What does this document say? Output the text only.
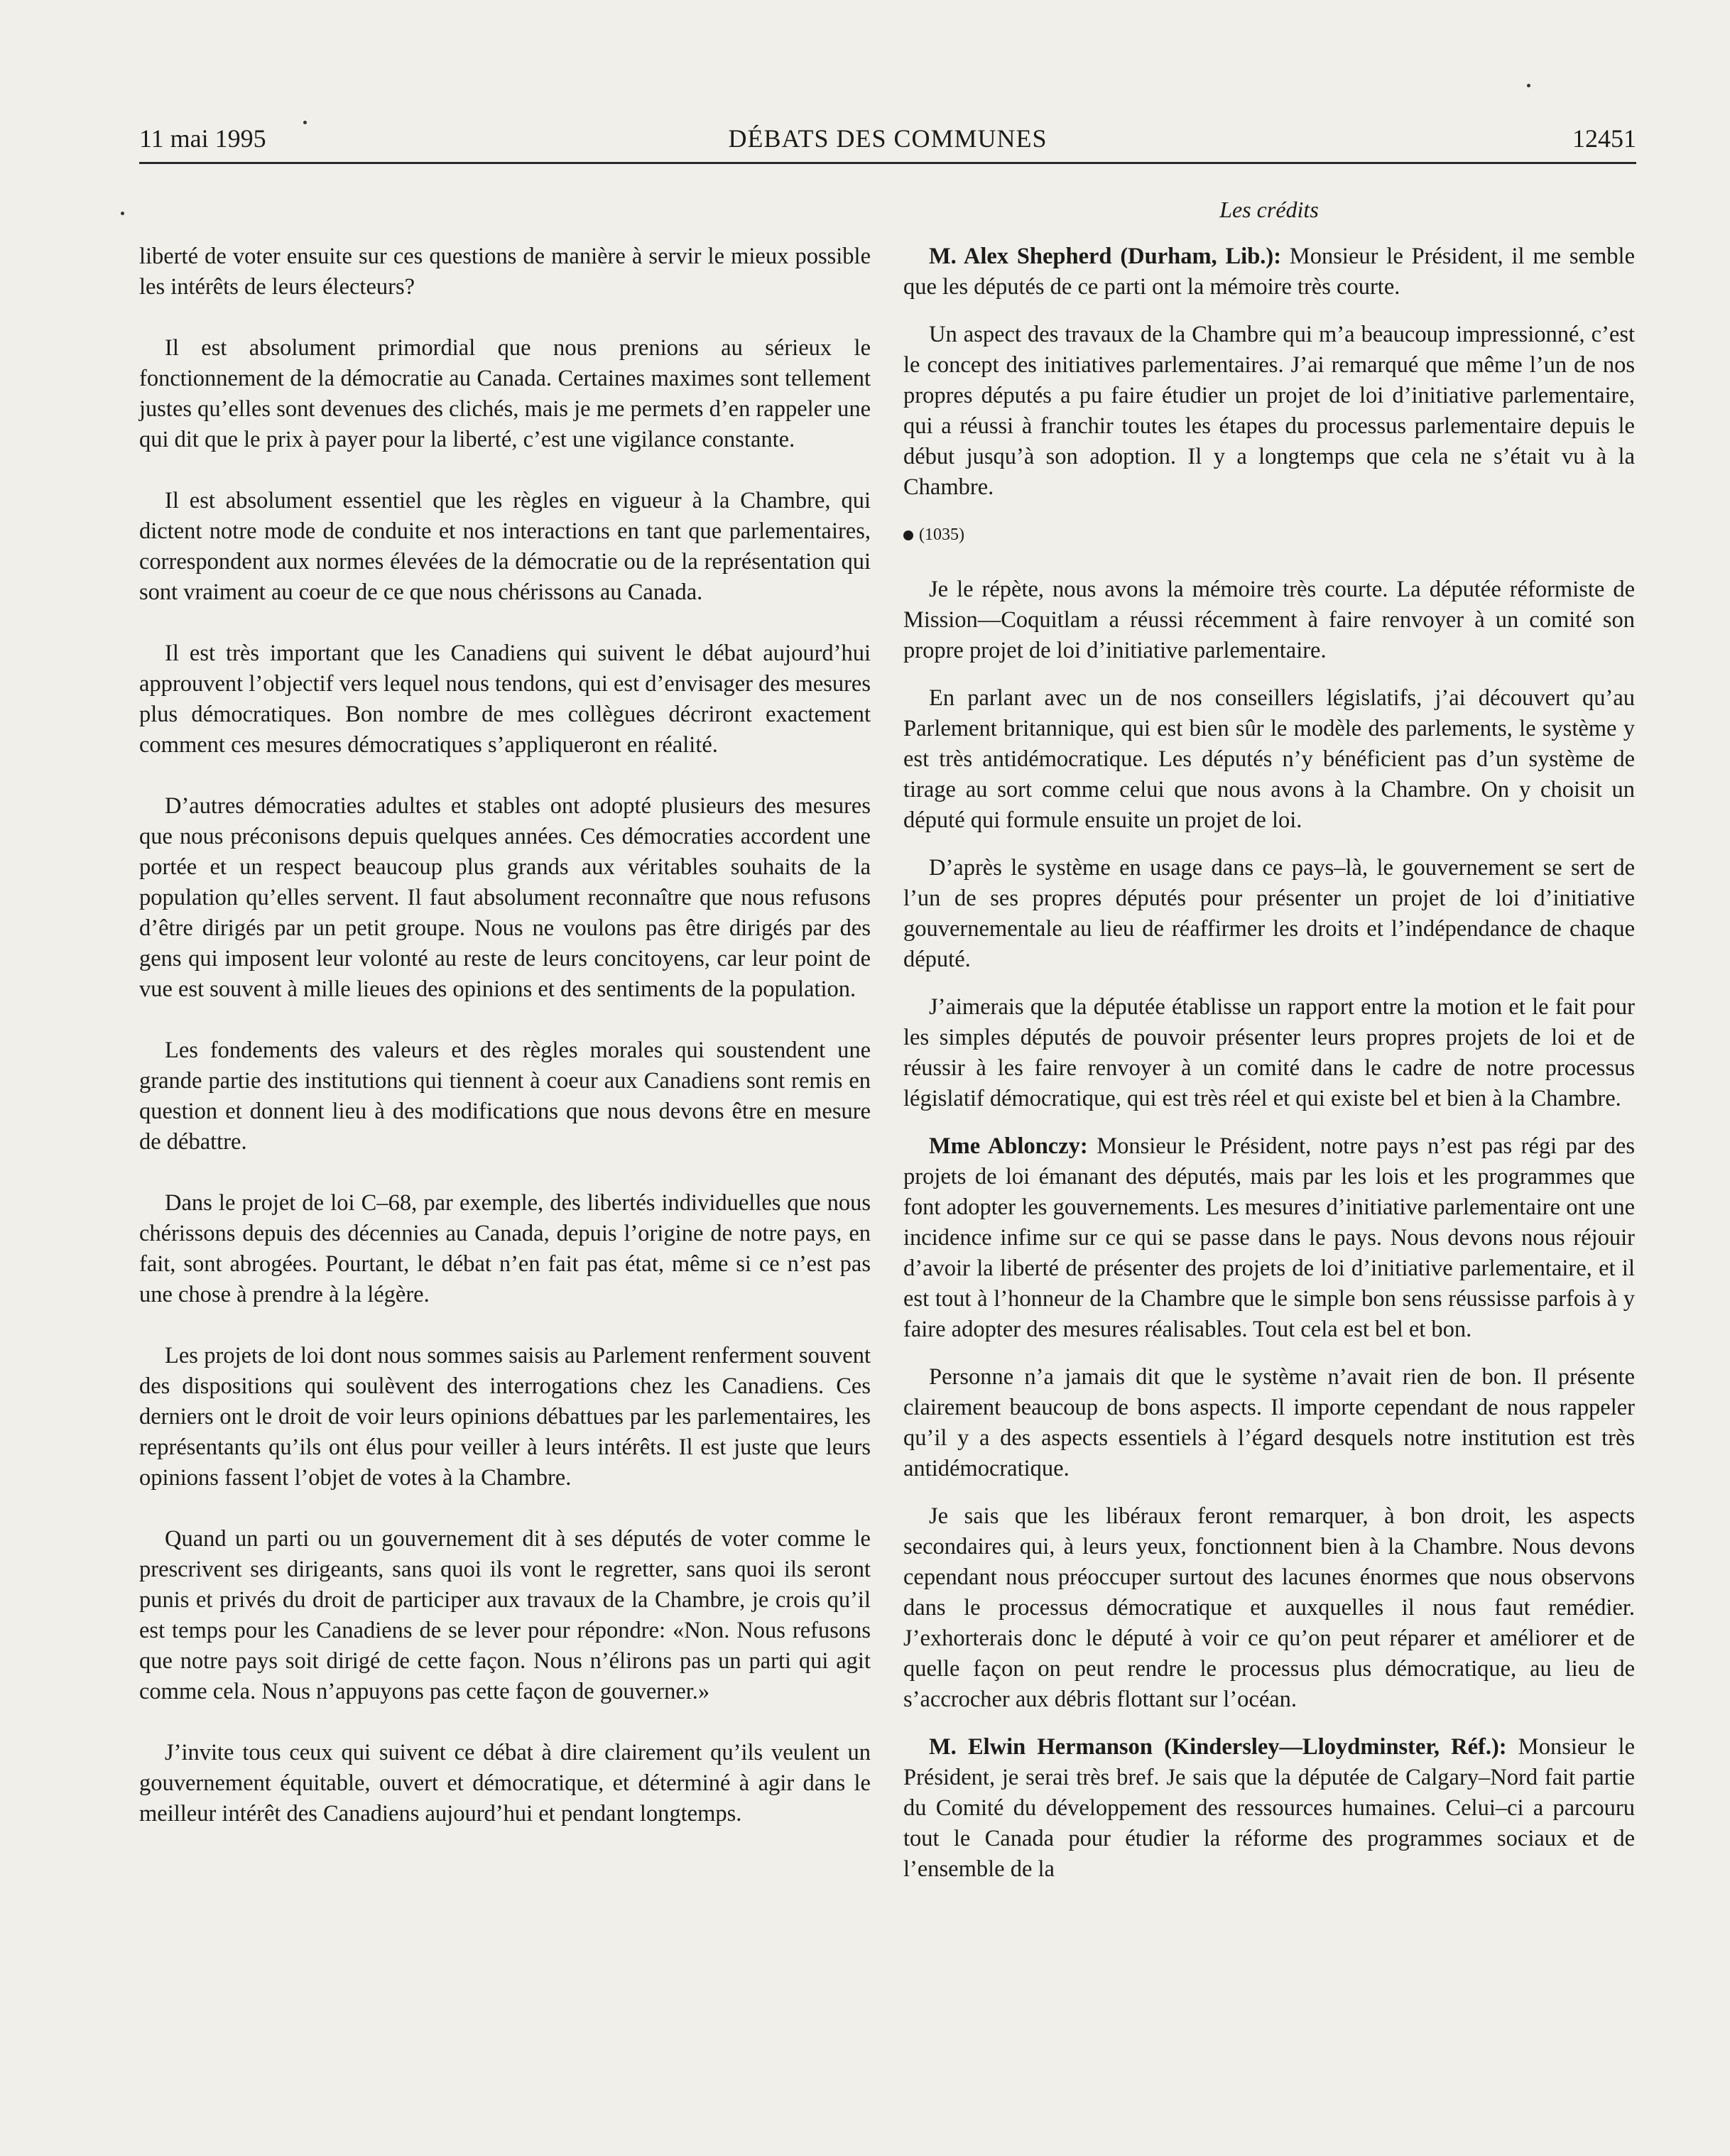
11 mai 1995	DÉBATS DES COMMUNES	12451
Les crédits

liberté de voter ensuite sur ces questions de manière à servir le mieux possible les intérêts de leurs électeurs?

Il est absolument primordial que nous prenions au sérieux le fonctionnement de la démocratie au Canada. Certaines maximes sont tellement justes qu’elles sont devenues des clichés, mais je me permets d’en rappeler une qui dit que le prix à payer pour la liberté, c’est une vigilance constante.

Il est absolument essentiel que les règles en vigueur à la Chambre, qui dictent notre mode de conduite et nos interactions en tant que parlementaires, correspondent aux normes élevées de la démocratie ou de la représentation qui sont vraiment au coeur de ce que nous chérissons au Canada.

Il est très important que les Canadiens qui suivent le débat aujourd’hui approuvent l’objectif vers lequel nous tendons, qui est d’envisager des mesures plus démocratiques. Bon nombre de mes collègues décriront exactement comment ces mesures démocratiques s’appliqueront en réalité.

D’autres démocraties adultes et stables ont adopté plusieurs des mesures que nous préconisons depuis quelques années. Ces démocraties accordent une portée et un respect beaucoup plus grands aux véritables souhaits de la population qu’elles servent. Il faut absolument reconnaître que nous refusons d’être dirigés par un petit groupe. Nous ne voulons pas être dirigés par des gens qui imposent leur volonté au reste de leurs concitoyens, car leur point de vue est souvent à mille lieues des opinions et des sentiments de la population.

Les fondements des valeurs et des règles morales qui soustendent une grande partie des institutions qui tiennent à coeur aux Canadiens sont remis en question et donnent lieu à des modifications que nous devons être en mesure de débattre.

Dans le projet de loi C–68, par exemple, des libertés individuelles que nous chérissons depuis des décennies au Canada, depuis l’origine de notre pays, en fait, sont abrogées. Pourtant, le débat n’en fait pas état, même si ce n’est pas une chose à prendre à la légère.

Les projets de loi dont nous sommes saisis au Parlement renferment souvent des dispositions qui soulèvent des interrogations chez les Canadiens. Ces derniers ont le droit de voir leurs opinions débattues par les parlementaires, les représentants qu’ils ont élus pour veiller à leurs intérêts. Il est juste que leurs opinions fassent l’objet de votes à la Chambre.

Quand un parti ou un gouvernement dit à ses députés de voter comme le prescrivent ses dirigeants, sans quoi ils vont le regretter, sans quoi ils seront punis et privés du droit de participer aux travaux de la Chambre, je crois qu’il est temps pour les Canadiens de se lever pour répondre: «Non. Nous refusons que notre pays soit dirigé de cette façon. Nous n’élirons pas un parti qui agit comme cela. Nous n’appuyons pas cette façon de gouverner.»

J’invite tous ceux qui suivent ce débat à dire clairement qu’ils veulent un gouvernement équitable, ouvert et démocratique, et déterminé à agir dans le meilleur intérêt des Canadiens aujourd’hui et pendant longtemps.

M. Alex Shepherd (Durham, Lib.): Monsieur le Président, il me semble que les députés de ce parti ont la mémoire très courte.

Un aspect des travaux de la Chambre qui m’a beaucoup impressionné, c’est le concept des initiatives parlementaires. J’ai remarqué que même l’un de nos propres députés a pu faire étudier un projet de loi d’initiative parlementaire, qui a réussi à franchir toutes les étapes du processus parlementaire depuis le début jusqu’à son adoption. Il y a longtemps que cela ne s’était vu à la Chambre.

(1035)

Je le répète, nous avons la mémoire très courte. La députée réformiste de Mission—Coquitlam a réussi récemment à faire renvoyer à un comité son propre projet de loi d’initiative parlementaire.

En parlant avec un de nos conseillers législatifs, j’ai découvert qu’au Parlement britannique, qui est bien sûr le modèle des parlements, le système y est très antidémocratique. Les députés n’y bénéficient pas d’un système de tirage au sort comme celui que nous avons à la Chambre. On y choisit un député qui formule ensuite un projet de loi.

D’après le système en usage dans ce pays–là, le gouvernement se sert de l’un de ses propres députés pour présenter un projet de loi d’initiative gouvernementale au lieu de réaffirmer les droits et l’indépendance de chaque député.

J’aimerais que la députée établisse un rapport entre la motion et le fait pour les simples députés de pouvoir présenter leurs propres projets de loi et de réussir à les faire renvoyer à un comité dans le cadre de notre processus législatif démocratique, qui est très réel et qui existe bel et bien à la Chambre.

Mme Ablonczy: Monsieur le Président, notre pays n’est pas régi par des projets de loi émanant des députés, mais par les lois et les programmes que font adopter les gouvernements. Les mesures d’initiative parlementaire ont une incidence infime sur ce qui se passe dans le pays. Nous devons nous réjouir d’avoir la liberté de présenter des projets de loi d’initiative parlementaire, et il est tout à l’honneur de la Chambre que le simple bon sens réussisse parfois à y faire adopter des mesures réalisables. Tout cela est bel et bon.

Personne n’a jamais dit que le système n’avait rien de bon. Il présente clairement beaucoup de bons aspects. Il importe cependant de nous rappeler qu’il y a des aspects essentiels à l’égard desquels notre institution est très antidémocratique.

Je sais que les libéraux feront remarquer, à bon droit, les aspects secondaires qui, à leurs yeux, fonctionnent bien à la Chambre. Nous devons cependant nous préoccuper surtout des lacunes énormes que nous observons dans le processus démocratique et auxquelles il nous faut remédier. J’exhorterais donc le député à voir ce qu’on peut réparer et améliorer et de quelle façon on peut rendre le processus plus démocratique, au lieu de s’accrocher aux débris flottant sur l’océan.

M. Elwin Hermanson (Kindersley—Lloydminster, Réf.): Monsieur le Président, je serai très bref. Je sais que la députée de Calgary–Nord fait partie du Comité du développement des ressources humaines. Celui–ci a parcouru tout le Canada pour étudier la réforme des programmes sociaux et de l’ensemble de la
